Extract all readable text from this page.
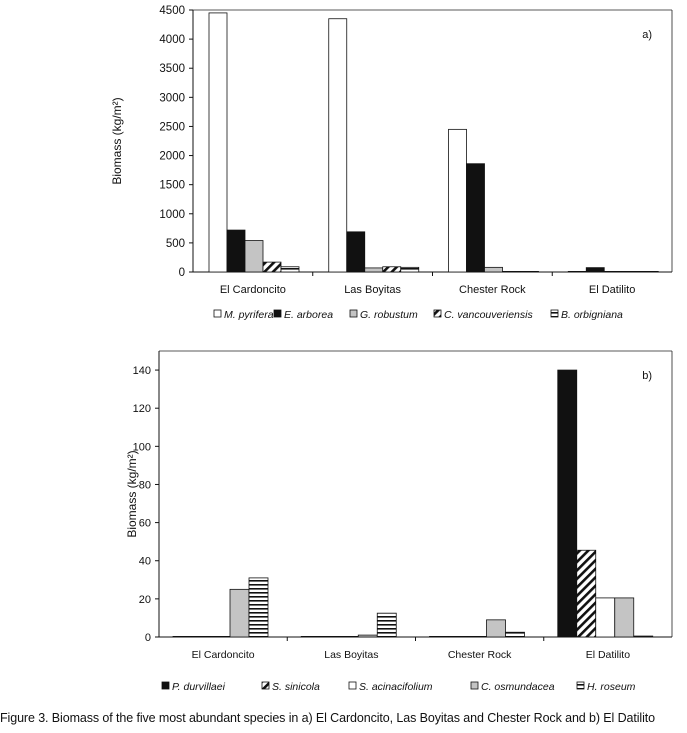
0
500
1000
1500
2000
2500
3000
3500
4000
4500
El Cardoncito	Las Boyitas	Chester Rock	El Datilito
a)
Biomass (kg/m²)
M. pyrifera E. arborea	G. robustum C. vancouveriensis	B. orbigniana
0
20
40
60
80
100
120
140
El Cardoncito	Las Boyitas	Chester Rock	El Datilito
b)
Biomass (kg/m²)
P. durvillaei	S. sinicola	S. acinacifolium	C. osmundacea	H. roseum
Figure 3. Biomass of the five most abundant species in a) El Cardoncito, Las Boyitas and Chester Rock and b) El Datilito
